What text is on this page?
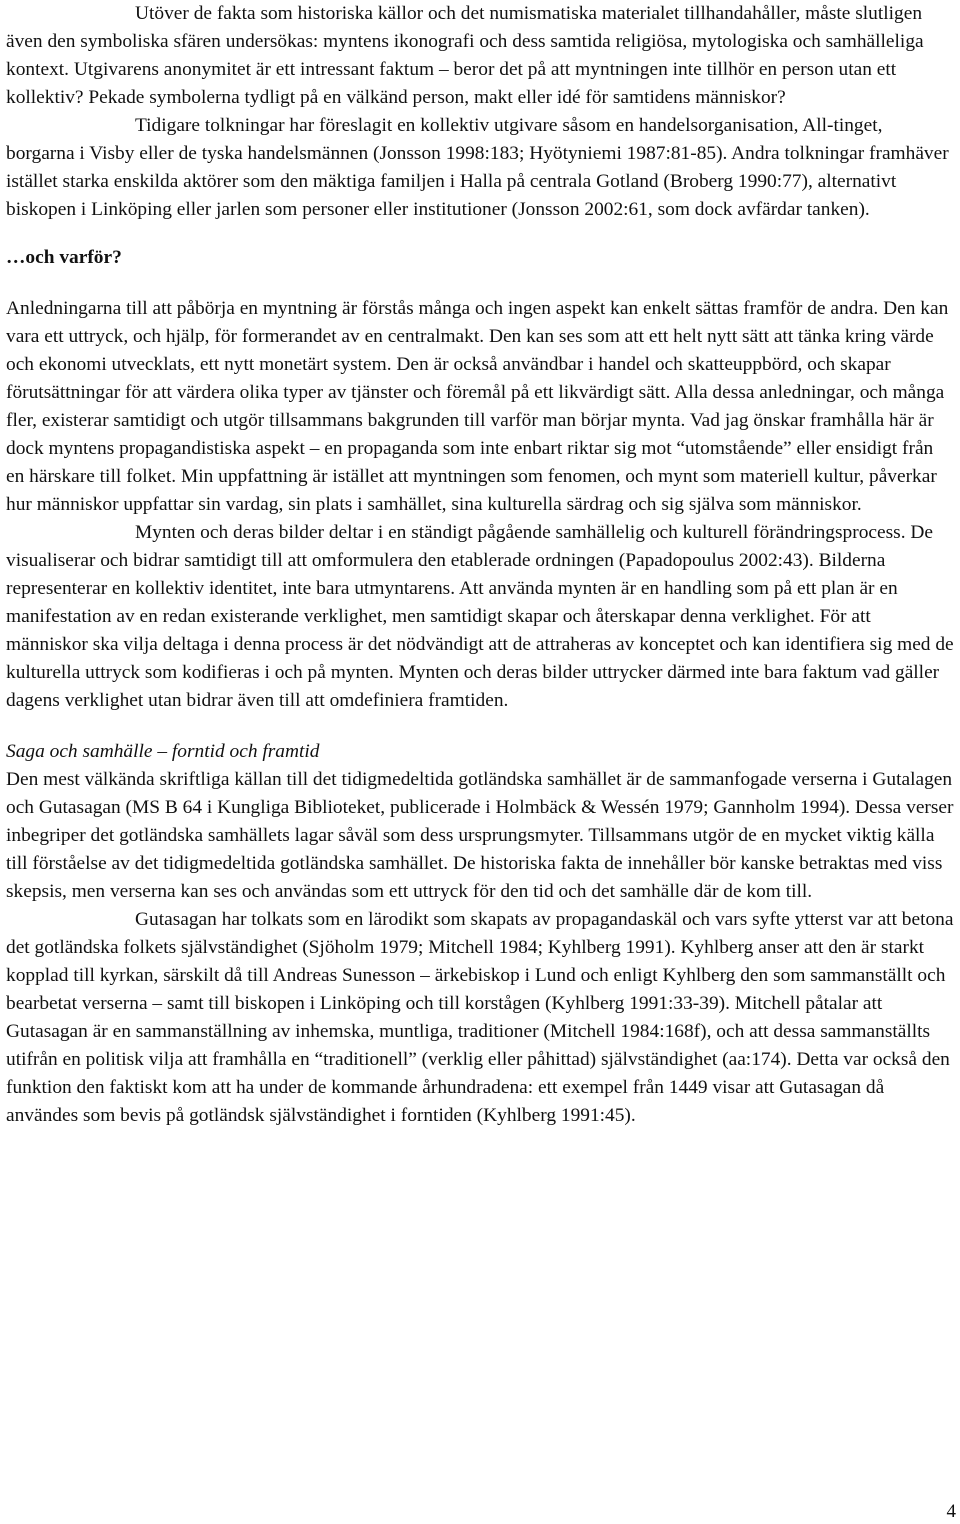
Utöver de fakta som historiska källor och det numismatiska materialet tillhandahåller, måste slutligen även den symboliska sfären undersökas: myntens ikonografi och dess samtida religiösa, mytologiska och samhälleliga kontext. Utgivarens anonymitet är ett intressant faktum – beror det på att myntningen inte tillhör en person utan ett kollektiv? Pekade symbolerna tydligt på en välkänd person, makt eller idé för samtidens människor?

Tidigare tolkningar har föreslagit en kollektiv utgivare såsom en handelsorganisation, All-tinget, borgarna i Visby eller de tyska handelsmännen (Jonsson 1998:183; Hyötyniemi 1987:81-85). Andra tolkningar framhäver istället starka enskilda aktörer som den mäktiga familjen i Halla på centrala Gotland (Broberg 1990:77), alternativt biskopen i Linköping eller jarlen som personer eller institutioner (Jonsson 2002:61, som dock avfärdar tanken).

…och varför?

Anledningarna till att påbörja en myntning är förstås många och ingen aspekt kan enkelt sättas framför de andra. Den kan vara ett uttryck, och hjälp, för formerandet av en centralmakt. Den kan ses som att ett helt nytt sätt att tänka kring värde och ekonomi utvecklats, ett nytt monetärt system. Den är också användbar i handel och skatteuppbörd, och skapar förutsättningar för att värdera olika typer av tjänster och föremål på ett likvärdigt sätt. Alla dessa anledningar, och många fler, existerar samtidigt och utgör tillsammans bakgrunden till varför man börjar mynta. Vad jag önskar framhålla här är dock myntens propagandistiska aspekt – en propaganda som inte enbart riktar sig mot “utomstående” eller ensidigt från en härskare till folket. Min uppfattning är istället att myntningen som fenomen, och mynt som materiell kultur, påverkar hur människor uppfattar sin vardag, sin plats i samhället, sina kulturella särdrag och sig själva som människor.

Mynten och deras bilder deltar i en ständigt pågående samhällelig och kulturell förändringsprocess. De visualiserar och bidrar samtidigt till att omformulera den etablerade ordningen (Papadopoulus 2002:43). Bilderna representerar en kollektiv identitet, inte bara utmyntarens. Att använda mynten är en handling som på ett plan är en manifestation av en redan existerande verklighet, men samtidigt skapar och återskapar denna verklighet. För att människor ska vilja deltaga i denna process är det nödvändigt att de attraheras av konceptet och kan identifiera sig med de kulturella uttryck som kodifieras i och på mynten. Mynten och deras bilder uttrycker därmed inte bara faktum vad gäller dagens verklighet utan bidrar även till att omdefiniera framtiden.

Saga och samhälle – forntid och framtid

Den mest välkända skriftliga källan till det tidigmedeltida gotländska samhället är de sammanfogade verserna i Gutalagen och Gutasagan (MS B 64 i Kungliga Biblioteket, publicerade i Holmbäck & Wessén 1979; Gannholm 1994). Dessa verser inbegriper det gotländska samhällets lagar såväl som dess ursprungsmyter. Tillsammans utgör de en mycket viktig källa till förståelse av det tidigmedeltida gotländska samhället. De historiska fakta de innehåller bör kanske betraktas med viss skepsis, men verserna kan ses och användas som ett uttryck för den tid och det samhälle där de kom till.

Gutasagan har tolkats som en lärodikt som skapats av propagandaskäl och vars syfte ytterst var att betona det gotländska folkets självständighet (Sjöholm 1979; Mitchell 1984; Kyhlberg 1991). Kyhlberg anser att den är starkt kopplad till kyrkan, särskilt då till Andreas Sunesson – ärkebiskop i Lund och enligt Kyhlberg den som sammanställt och bearbetat verserna – samt till biskopen i Linköping och till korstågen (Kyhlberg 1991:33-39). Mitchell påtalar att Gutasagan är en sammanställning av inhemska, muntliga, traditioner (Mitchell 1984:168f), och att dessa sammanställts utifrån en politisk vilja att framhålla en “traditionell” (verklig eller påhittad) självständighet (aa:174). Detta var också den funktion den faktiskt kom att ha under de kommande århundradena: ett exempel från 1449 visar att Gutasagan då användes som bevis på gotländsk självständighet i forntiden (Kyhlberg 1991:45).

4
